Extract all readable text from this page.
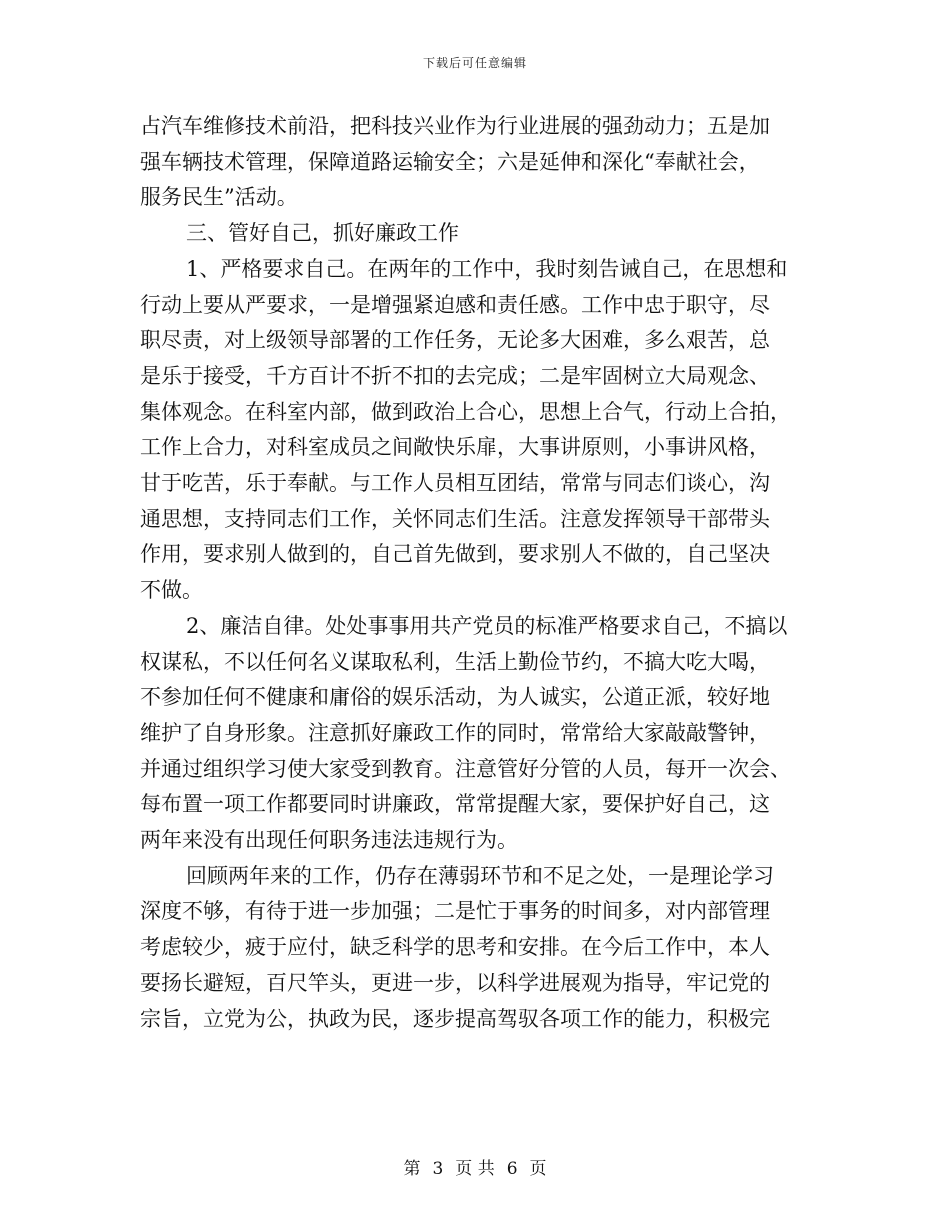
下载后可任意编辑

占汽车维修技术前沿，把科技兴业作为行业进展的强劲动力；五是加

强车辆技术管理，保障道路运输安全；六是延伸和深化“奉献社会，

服务民生”活动。

三、管好自己，抓好廉政工作

1、严格要求自己。在两年的工作中，我时刻告诫自己，在思想和

行动上要从严要求，一是增强紧迫感和责任感。工作中忠于职守，尽

职尽责，对上级领导部署的工作任务，无论多大困难，多么艰苦，总

是乐于接受，千方百计不折不扣的去完成；二是牢固树立大局观念、

集体观念。在科室内部，做到政治上合心，思想上合气，行动上合拍，

工作上合力，对科室成员之间敞快乐扉，大事讲原则，小事讲风格，

甘于吃苦，乐于奉献。与工作人员相互团结，常常与同志们谈心，沟

通思想，支持同志们工作，关怀同志们生活。注意发挥领导干部带头

作用，要求别人做到的，自己首先做到，要求别人不做的，自己坚决

不做。

2、廉洁自律。处处事事用共产党员的标准严格要求自己，不搞以

权谋私，不以任何名义谋取私利，生活上勤俭节约，不搞大吃大喝，

不参加任何不健康和庸俗的娱乐活动，为人诚实，公道正派，较好地

维护了自身形象。注意抓好廉政工作的同时，常常给大家敲敲警钟，

并通过组织学习使大家受到教育。注意管好分管的人员，每开一次会、

每布置一项工作都要同时讲廉政，常常提醒大家，要保护好自己，这

两年来没有出现任何职务违法违规行为。

回顾两年来的工作，仍存在薄弱环节和不足之处，一是理论学习

深度不够，有待于进一步加强；二是忙于事务的时间多，对内部管理

考虑较少，疲于应付，缺乏科学的思考和安排。在今后工作中，本人

要扬长避短，百尺竿头，更进一步，以科学进展观为指导，牢记党的

宗旨，立党为公，执政为民，逐步提高驾驭各项工作的能力，积极完

第 3 页 共 6 页
